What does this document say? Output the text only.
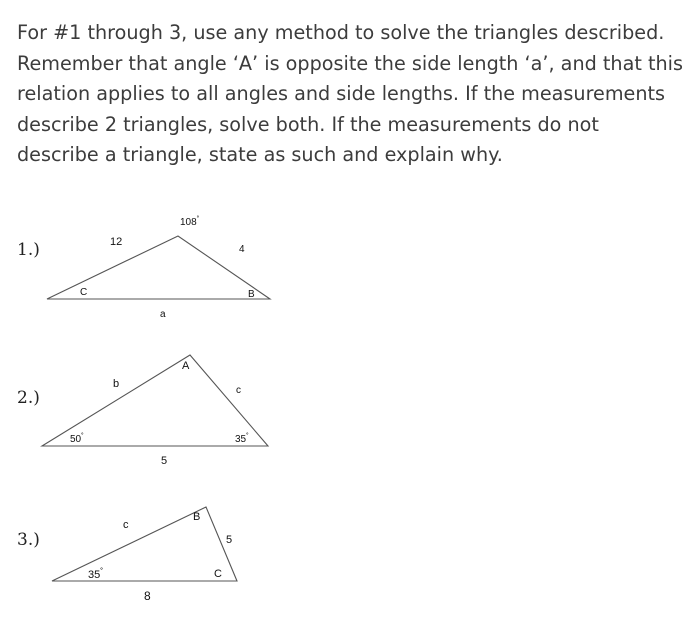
For #1 through 3, use any method to solve the triangles described.
Remember that angle ‘A’ is opposite the side length ‘a’, and that this
relation applies to all angles and side lengths. If the measurements
describe 2 triangles, solve both. If the measurements do not
describe a triangle, state as such and explain why.
1.)
2.)
3.)
108˚
12
4
C	B
a
A
b
c
50˚	35˚
5
B
c
5
35˚	C
8
